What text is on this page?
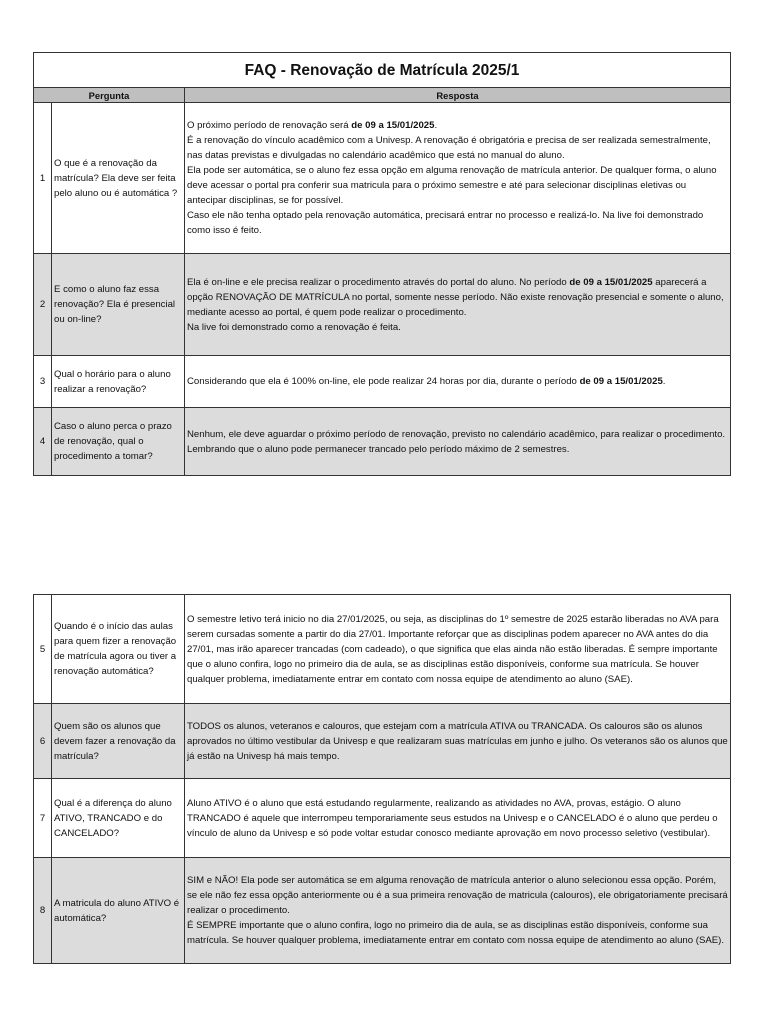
FAQ - Renovação de Matrícula 2025/1		
Pergunta		Resposta
1	O que é a renovação da matrícula? Ela deve ser feita pelo aluno ou é automática ?	O próximo período de renovação será de 09 a 15/01/2025.

É a renovação do vínculo acadêmico com a Univesp. A renovação é obrigatória e precisa de ser realizada semestralmente, nas datas previstas e divulgadas no calendário acadêmico que está no manual do aluno.

Ela pode ser automática, se o aluno fez essa opção em alguma renovação de matrícula anterior. De qualquer forma, o aluno deve acessar o portal pra conferir sua matricula para o próximo semestre e até para selecionar disciplinas eletivas ou antecipar disciplinas, se for possível.

Caso ele não tenha optado pela renovação automática, precisará entrar no processo e realizá-lo. Na live foi demonstrado como isso é feito.

2	E como o aluno faz essa renovação? Ela é presencial ou on-line?	Ela é on-line e ele precisa realizar o procedimento através do portal do aluno. No período de 09 a 15/01/2025 aparecerá a opção RENOVAÇÃO DE MATRÍCULA no portal, somente nesse período. Não existe renovação presencial e somente o aluno, mediante acesso ao portal, é quem pode realizar o procedimento.

Na live foi demonstrado como a renovação é feita.

3	Qual o horário para o aluno realizar a renovação?	Considerando que ela é 100% on-line, ele pode realizar 24 horas por dia, durante o período de 09 a 15/01/2025.

4	Caso o aluno perca o prazo de renovação, qual o procedimento a tomar?	Nenhum, ele deve aguardar o próximo período de renovação, previsto no calendário acadêmico, para realizar o procedimento. Lembrando que o aluno pode permanecer trancado pelo período máximo de 2 semestres.

5	Quando é o início das aulas para quem fizer a renovação de matrícula agora ou tiver a renovação automática?	O semestre letivo terá inicio no dia 27/01/2025, ou seja, as disciplinas do 1º semestre de 2025 estarão liberadas no AVA para serem cursadas somente a partir do dia 27/01. Importante reforçar que as disciplinas podem aparecer no AVA antes do dia 27/01, mas irão aparecer trancadas (com cadeado), o que significa que elas ainda não estão liberadas. É sempre importante que o aluno confira, logo no primeiro dia de aula, se as disciplinas estão disponíveis, conforme sua matrícula. Se houver qualquer problema, imediatamente entrar em contato com nossa equipe de atendimento ao aluno (SAE).

6	Quem são os alunos que devem fazer a renovação da matrícula?	TODOS os alunos, veteranos e calouros, que estejam com a matrícula ATIVA ou TRANCADA. Os calouros são os alunos aprovados no último vestibular da Univesp e que realizaram suas matrículas em junho e julho. Os veteranos são os alunos que já estão na Univesp há mais tempo.

7	Qual é a diferença do aluno ATIVO, TRANCADO e do CANCELADO?	Aluno ATIVO é o aluno que está estudando regularmente, realizando as atividades no AVA, provas, estágio. O aluno TRANCADO é aquele que interrompeu temporariamente seus estudos na Univesp e o CANCELADO é o aluno que perdeu o vínculo de aluno da Univesp e só pode voltar estudar conosco mediante aprovação em novo processo seletivo (vestibular).

8	A matricula do aluno ATIVO é automática?	SIM e NÃO! Ela pode ser automática se em alguma renovação de matrícula anterior o aluno selecionou essa opção. Porém, se ele não fez essa opção anteriormente ou é a sua primeira renovação de matricula (calouros), ele obrigatoriamente precisará realizar o procedimento.

É SEMPRE importante que o aluno confira, logo no primeiro dia de aula, se as disciplinas estão disponíveis, conforme sua matrícula. Se houver qualquer problema, imediatamente entrar em contato com nossa equipe de atendimento ao aluno (SAE).
